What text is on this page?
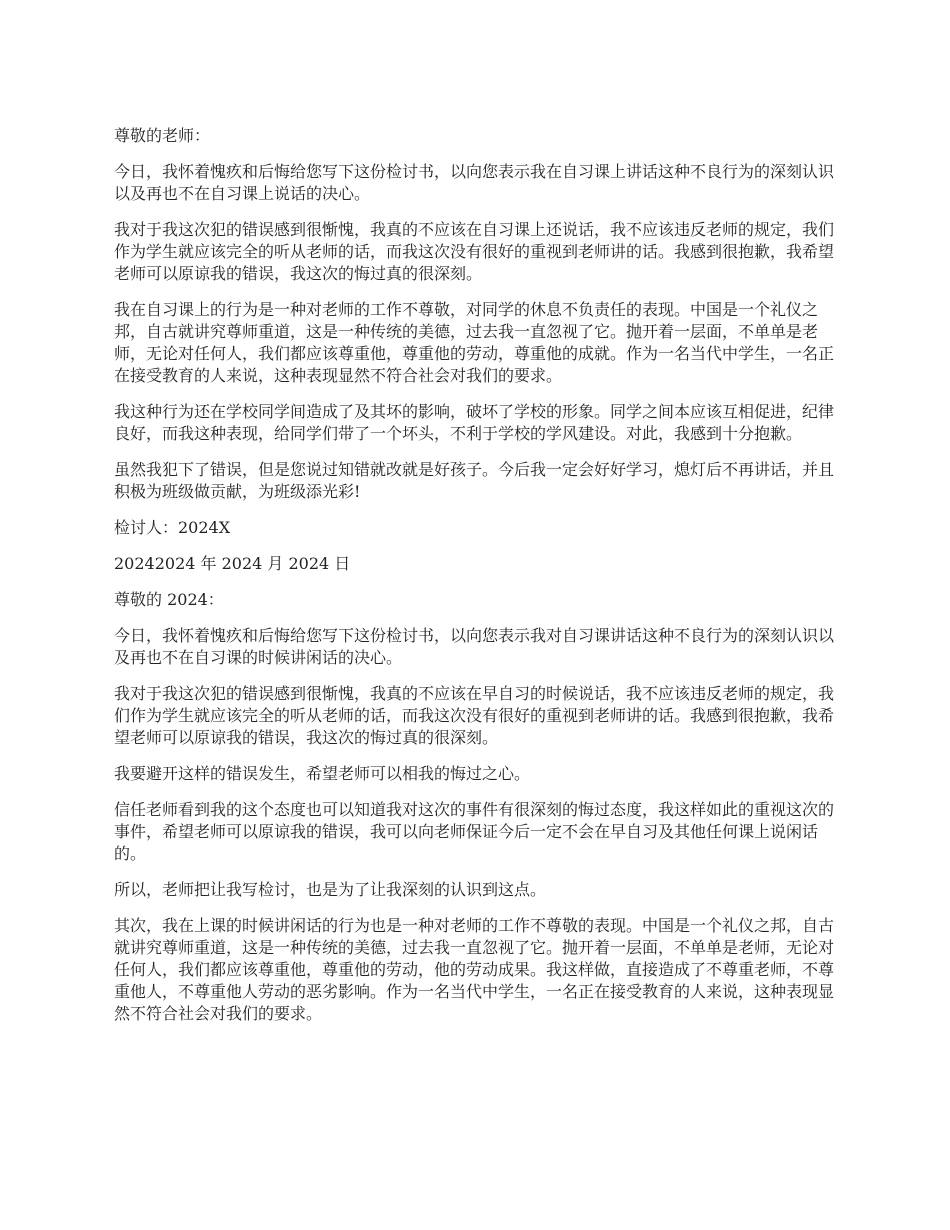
尊敬的老师：

今日，我怀着愧疚和后悔给您写下这份检讨书，以向您表示我在自习课上讲话这种不良行为的深刻认识以及再也不在自习课上说话的决心。

我对于我这次犯的错误感到很惭愧，我真的不应该在自习课上还说话，我不应该违反老师的规定，我们作为学生就应该完全的听从老师的话，而我这次没有很好的重视到老师讲的话。我感到很抱歉，我希望老师可以原谅我的错误，我这次的悔过真的很深刻。

我在自习课上的行为是一种对老师的工作不尊敬，对同学的休息不负责任的表现。中国是一个礼仪之邦，自古就讲究尊师重道，这是一种传统的美德，过去我一直忽视了它。抛开着一层面，不单单是老师，无论对任何人，我们都应该尊重他，尊重他的劳动，尊重他的成就。作为一名当代中学生，一名正在接受教育的人来说，这种表现显然不符合社会对我们的要求。

我这种行为还在学校同学间造成了及其坏的影响，破坏了学校的形象。同学之间本应该互相促进，纪律良好，而我这种表现，给同学们带了一个坏头，不利于学校的学风建设。对此，我感到十分抱歉。

虽然我犯下了错误，但是您说过知错就改就是好孩子。今后我一定会好好学习，熄灯后不再讲话，并且积极为班级做贡献，为班级添光彩!

检讨人：2024X

20242024 年 2024 月 2024 日

尊敬的 2024：

今日，我怀着愧疚和后悔给您写下这份检讨书，以向您表示我对自习课讲话这种不良行为的深刻认识以及再也不在自习课的时候讲闲话的决心。

我对于我这次犯的错误感到很惭愧，我真的不应该在早自习的时候说话，我不应该违反老师的规定，我们作为学生就应该完全的听从老师的话，而我这次没有很好的重视到老师讲的话。我感到很抱歉，我希望老师可以原谅我的错误，我这次的悔过真的很深刻。

我要避开这样的错误发生，希望老师可以相我的悔过之心。

信任老师看到我的这个态度也可以知道我对这次的事件有很深刻的悔过态度，我这样如此的重视这次的事件，希望老师可以原谅我的错误，我可以向老师保证今后一定不会在早自习及其他任何课上说闲话的。

所以，老师把让我写检讨，也是为了让我深刻的认识到这点。

其次，我在上课的时候讲闲话的行为也是一种对老师的工作不尊敬的表现。中国是一个礼仪之邦，自古就讲究尊师重道，这是一种传统的美德，过去我一直忽视了它。抛开着一层面，不单单是老师，无论对任何人，我们都应该尊重他，尊重他的劳动，他的劳动成果。我这样做，直接造成了不尊重老师，不尊重他人，不尊重他人劳动的恶劣影响。作为一名当代中学生，一名正在接受教育的人来说，这种表现显然不符合社会对我们的要求。
